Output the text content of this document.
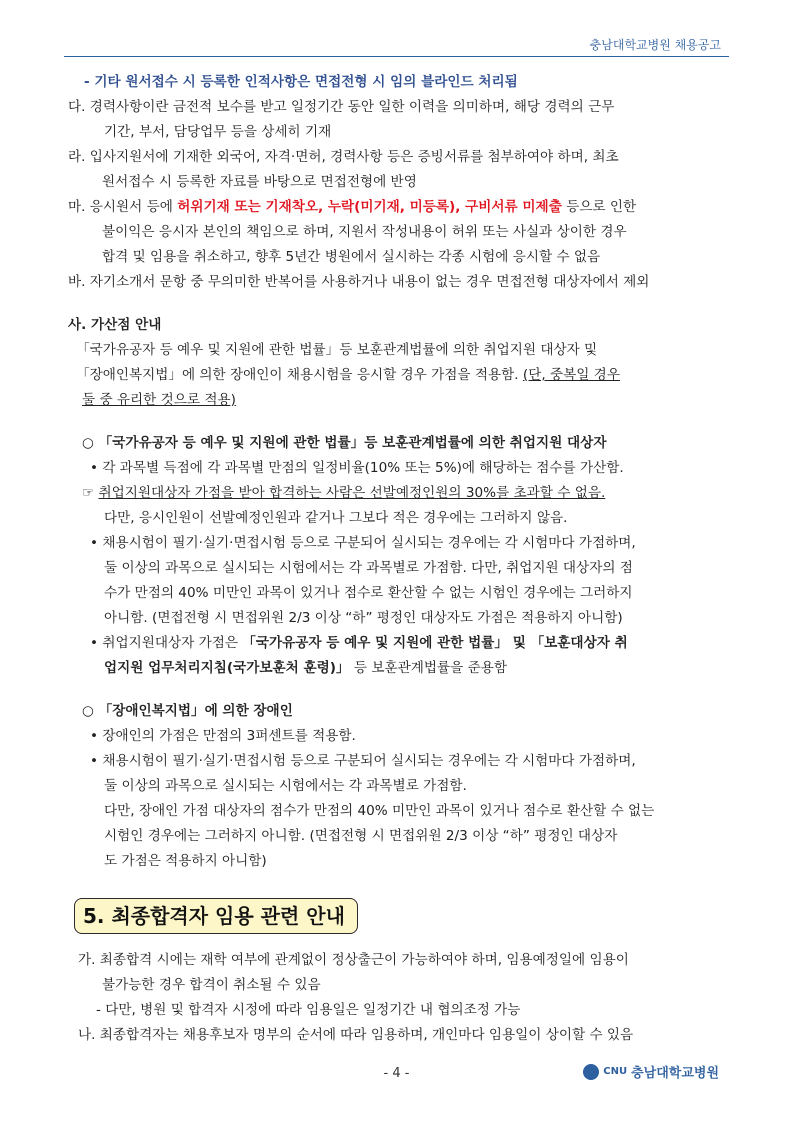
충남대학교병원 채용공고
- 기타 원서접수 시 등록한 인적사항은 면접전형 시 임의 블라인드 처리됨
다. 경력사항이란 금전적 보수를 받고 일정기간 동안 일한 이력을 의미하며, 해당 경력의 근무
기간, 부서, 담당업무 등을 상세히 기재
라. 입사지원서에 기재한 외국어, 자격·면허, 경력사항 등은 증빙서류를 첨부하여야 하며, 최초
원서접수 시 등록한 자료를 바탕으로 면접전형에 반영
마. 응시원서 등에 허위기재 또는 기재착오, 누락(미기재, 미등록), 구비서류 미제출 등으로 인한
불이익은 응시자 본인의 책임으로 하며, 지원서 작성내용이 허위 또는 사실과 상이한 경우
합격 및 임용을 취소하고, 향후 5년간 병원에서 실시하는 각종 시험에 응시할 수 없음
바. 자기소개서 문항 중 무의미한 반복어를 사용하거나 내용이 없는 경우 면접전형 대상자에서 제외
사. 가산점 안내
「국가유공자 등 예우 및 지원에 관한 법률」등 보훈관계법률에 의한 취업지원 대상자 및
「장애인복지법」에 의한 장애인이 채용시험을 응시할 경우 가점을 적용함. (단, 중복일 경우
둘 중 유리한 것으로 적용)
○ 「국가유공자 등 예우 및 지원에 관한 법률」등 보훈관계법률에 의한 취업지원 대상자
• 각 과목별 득점에 각 과목별 만점의 일정비율(10% 또는 5%)에 해당하는 점수를 가산함.
☞ 취업지원대상자 가점을 받아 합격하는 사람은 선발예정인원의 30%를 초과할 수 없음.
다만, 응시인원이 선발예정인원과 같거나 그보다 적은 경우에는 그러하지 않음.
• 채용시험이 필기·실기·면접시험 등으로 구분되어 실시되는 경우에는 각 시험마다 가점하며,
둘 이상의 과목으로 실시되는 시험에서는 각 과목별로 가점함. 다만, 취업지원 대상자의 점
수가 만점의 40% 미만인 과목이 있거나 점수로 환산할 수 없는 시험인 경우에는 그러하지
아니함. (면접전형 시 면접위원 2/3 이상 “하” 평정인 대상자도 가점은 적용하지 아니함)
• 취업지원대상자 가점은 「국가유공자 등 예우 및 지원에 관한 법률」 및 「보훈대상자 취
업지원 업무처리지침(국가보훈처 훈령)」 등 보훈관계법률을 준용함
○ 「장애인복지법」에 의한 장애인
• 장애인의 가점은 만점의 3퍼센트를 적용함.
• 채용시험이 필기·실기·면접시험 등으로 구분되어 실시되는 경우에는 각 시험마다 가점하며,
둘 이상의 과목으로 실시되는 시험에서는 각 과목별로 가점함.
다만, 장애인 가점 대상자의 점수가 만점의 40% 미만인 과목이 있거나 점수로 환산할 수 없는
시험인 경우에는 그러하지 아니함. (면접전형 시 면접위원 2/3 이상 “하” 평정인 대상자
도 가점은 적용하지 아니함)
5. 최종합격자 임용 관련 안내
가. 최종합격 시에는 재학 여부에 관계없이 정상출근이 가능하여야 하며, 임용예정일에 임용이
불가능한 경우 합격이 취소될 수 있음
- 다만, 병원 및 합격자 시정에 따라 임용일은 일정기간 내 협의조정 가능
나. 최종합격자는 채용후보자 명부의 순서에 따라 임용하며, 개인마다 임용일이 상이할 수 있음
- 4 -	CNU 충남대학교병원
